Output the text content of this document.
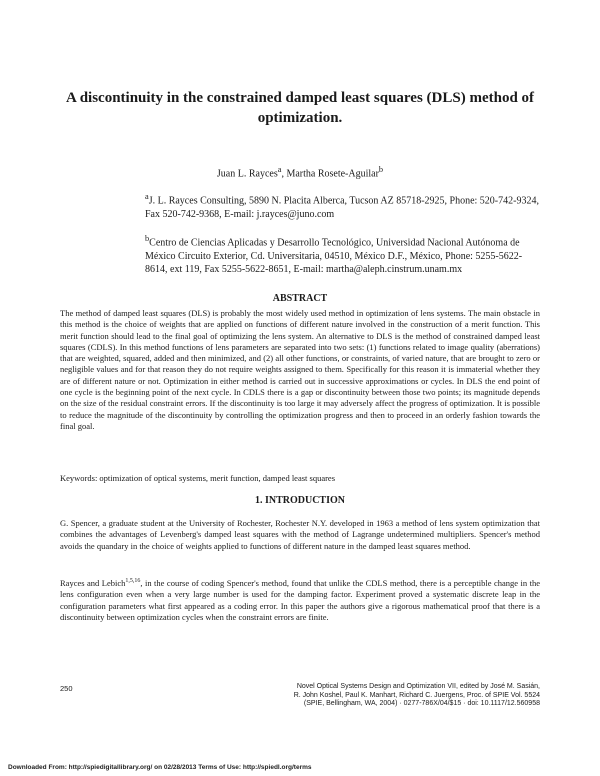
A discontinuity in the constrained damped least squares (DLS) method of optimization.
Juan L. Rayces$^a$, Martha Rosete-Aguilar$^b$
$^a$J. L. Rayces Consulting, 5890 N. Placita Alberca, Tucson AZ 85718-2925, Phone: 520-742-9324, Fax 520-742-9368, E-mail: j.rayces@juno.com
$^b$Centro de Ciencias Aplicadas y Desarrollo Tecnológico, Universidad Nacional Autónoma de México Circuito Exterior, Cd. Universitaria, 04510, México D.F., México, Phone: 5255-5622-8614, ext 119, Fax 5255-5622-8651, E-mail: martha@aleph.cinstrum.unam.mx
ABSTRACT
The method of damped least squares (DLS) is probably the most widely used method in optimization of lens systems. The main obstacle in this method is the choice of weights that are applied on functions of different nature involved in the construction of a merit function. This merit function should lead to the final goal of optimizing the lens system. An alternative to DLS is the method of constrained damped least squares (CDLS). In this method functions of lens parameters are separated into two sets: (1) functions related to image quality (aberrations) that are weighted, squared, added and then minimized, and (2) all other functions, or constraints, of varied nature, that are brought to zero or negligible values and for that reason they do not require weights assigned to them. Specifically for this reason it is immaterial whether they are of different nature or not. Optimization in either method is carried out in successive approximations or cycles. In DLS the end point of one cycle is the beginning point of the next cycle. In CDLS there is a gap or discontinuity between those two points; its magnitude depends on the size of the residual constraint errors. If the discontinuity is too large it may adversely affect the progress of optimization. It is possible to reduce the magnitude of the discontinuity by controlling the optimization progress and then to proceed in an orderly fashion towards the final goal.
Keywords: optimization of optical systems, merit function, damped least squares
1. INTRODUCTION
G. Spencer, a graduate student at the University of Rochester, Rochester N.Y. developed in 1963 a method of lens system optimization that combines the advantages of Levenberg's damped least squares with the method of Lagrange undetermined multipliers. Spencer's method avoids the quandary in the choice of weights applied to functions of different nature in the damped least squares method.
Rayces and Lebich$^{1,5,16}$, in the course of coding Spencer's method, found that unlike the CDLS method, there is a perceptible change in the lens configuration even when a very large number is used for the damping factor. Experiment proved a systematic discrete leap in the configuration parameters what first appeared as a coding error. In this paper the authors give a rigorous mathematical proof that there is a discontinuity between optimization cycles when the constraint errors are finite.
250	Novel Optical Systems Design and Optimization VII, edited by José M. Sasián,
R. John Koshel, Paul K. Manhart, Richard C. Juergens, Proc. of SPIE Vol. 5524
(SPIE, Bellingham, WA, 2004) · 0277-786X/04/$15 · doi: 10.1117/12.560958
Downloaded From: http://spiedigitallibrary.org/ on 02/28/2013 Terms of Use: http://spiedl.org/terms
